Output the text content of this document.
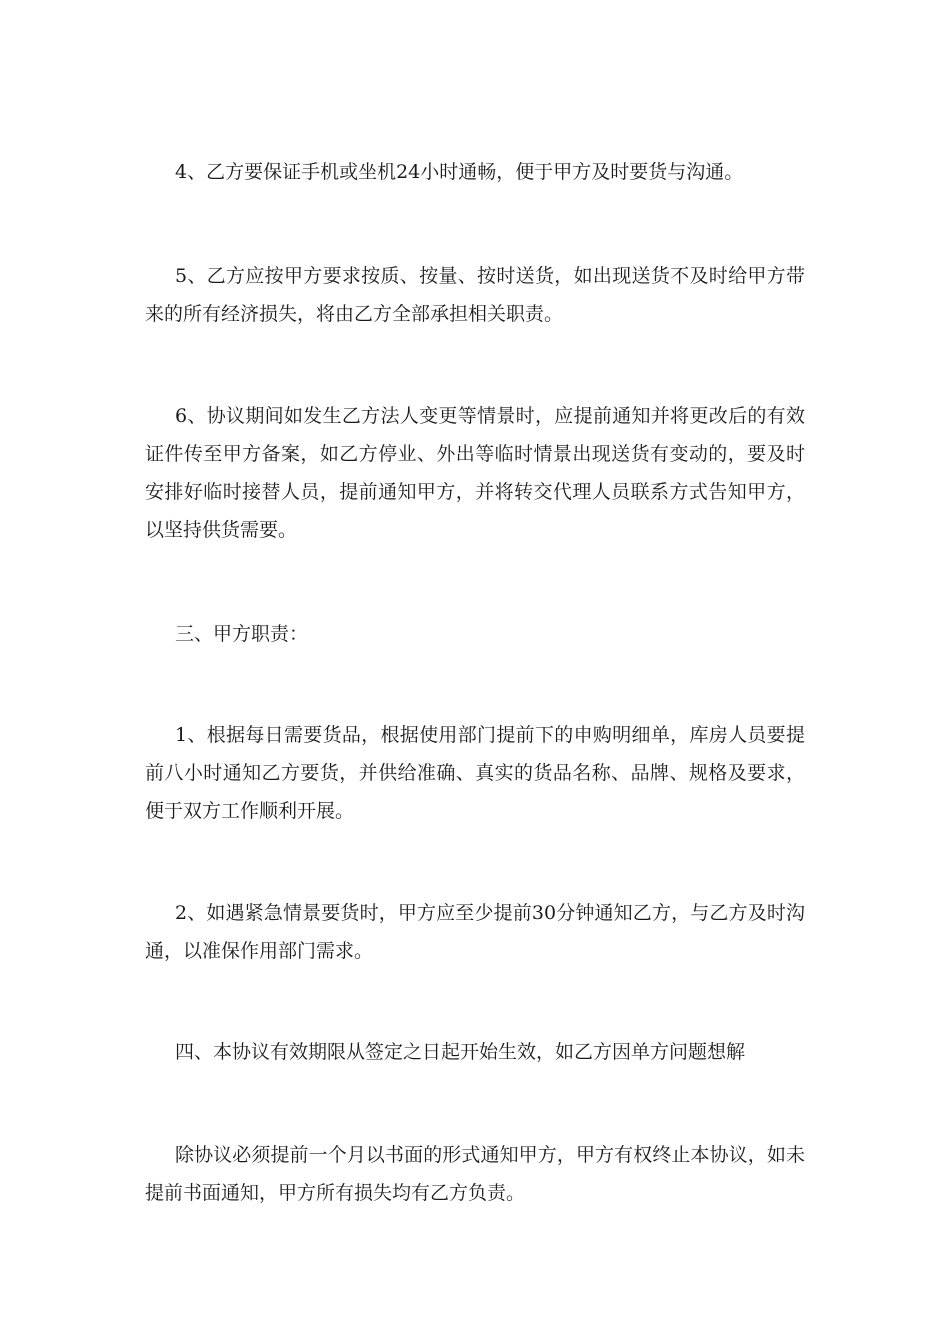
4、乙方要保证手机或坐机24小时通畅，便于甲方及时要货与沟通。

5、乙方应按甲方要求按质、按量、按时送货，如出现送货不及时给甲方带来的所有经济损失，将由乙方全部承担相关职责。

6、协议期间如发生乙方法人变更等情景时，应提前通知并将更改后的有效证件传至甲方备案，如乙方停业、外出等临时情景出现送货有变动的，要及时安排好临时接替人员，提前通知甲方，并将转交代理人员联系方式告知甲方，以坚持供货需要。

三、甲方职责：

1、根据每日需要货品，根据使用部门提前下的申购明细单，库房人员要提前八小时通知乙方要货，并供给准确、真实的货品名称、品牌、规格及要求，便于双方工作顺利开展。

2、如遇紧急情景要货时，甲方应至少提前30分钟通知乙方，与乙方及时沟通，以准保作用部门需求。

四、本协议有效期限从签定之日起开始生效，如乙方因单方问题想解

除协议必须提前一个月以书面的形式通知甲方，甲方有权终止本协议，如未提前书面通知，甲方所有损失均有乙方负责。
